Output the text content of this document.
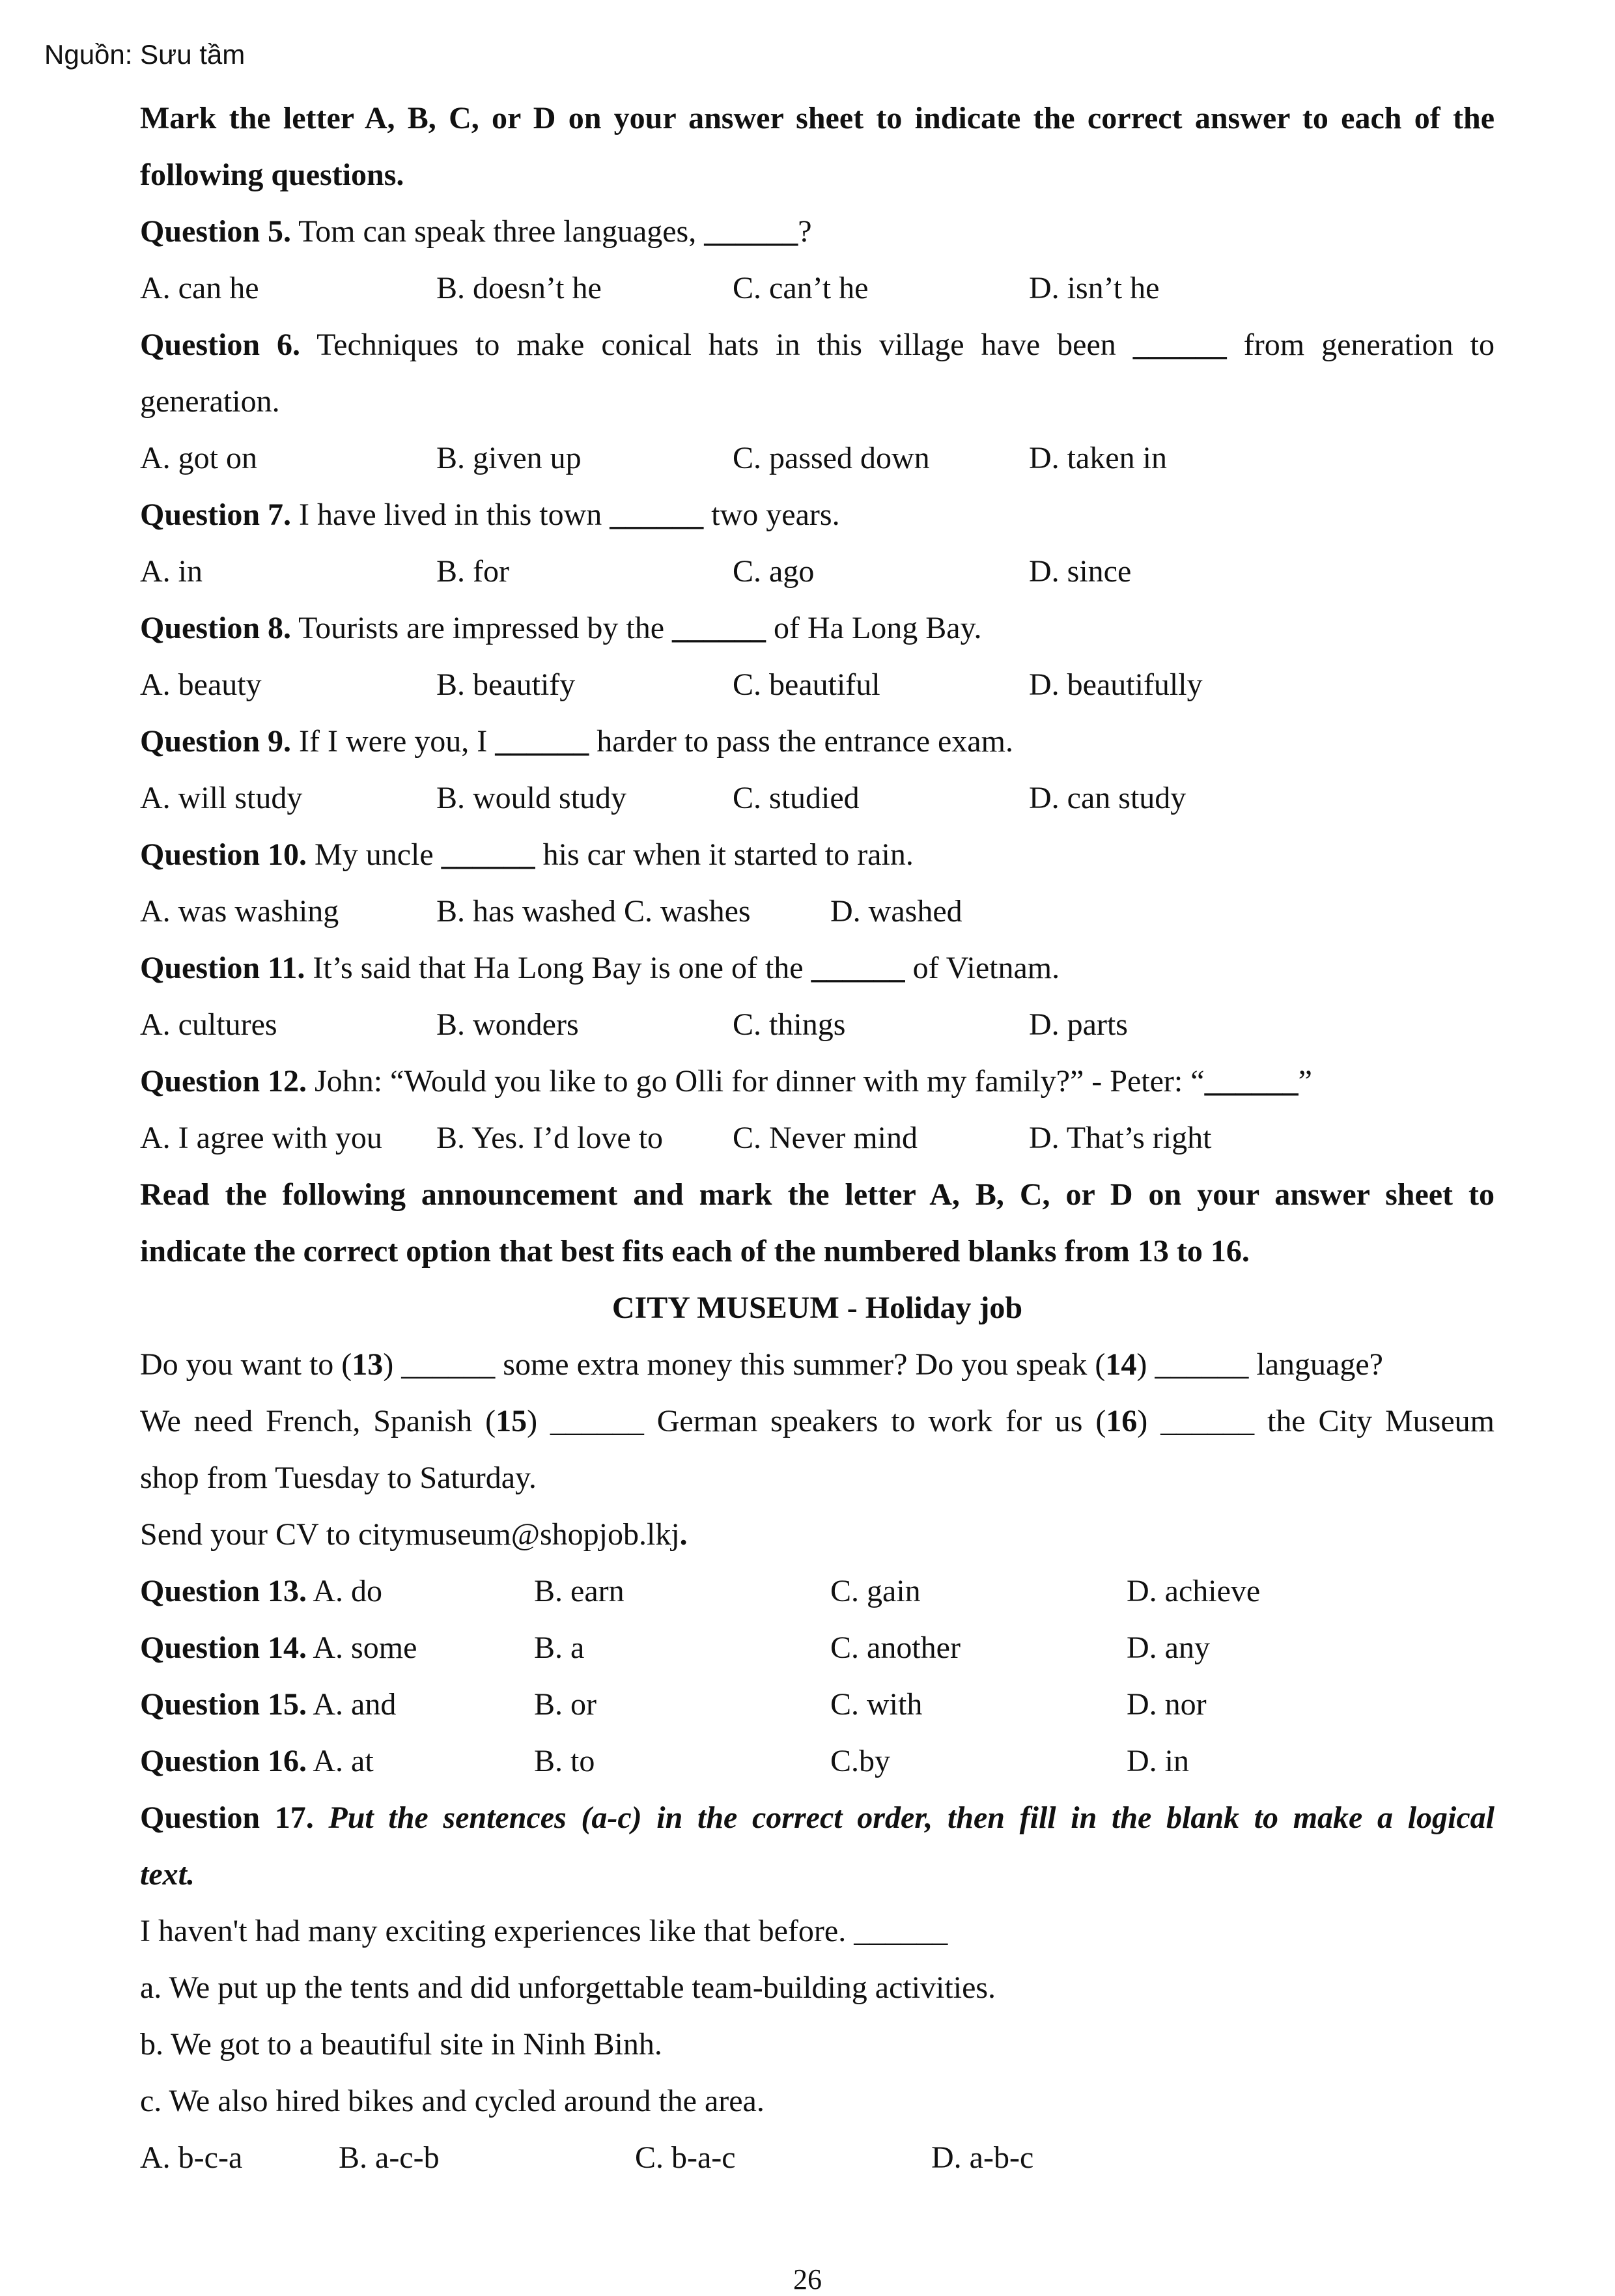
Nguồn: Sưu tầm
Mark the letter A, B, C, or D on your answer sheet to indicate the correct answer to each of the
following questions.
Question 5. Tom can speak three languages, ______?
A. can he	B. doesn’t he	C. can’t he	D. isn’t he
Question 6. Techniques to make conical hats in this village have been ______ from generation to
generation.
A. got on	B. given up	C. passed down	D. taken in
Question 7. I have lived in this town ______ two years.
A. in	B. for	C. ago	D. since
Question 8. Tourists are impressed by the ______ of Ha Long Bay.
A. beauty	B. beautify	C. beautiful	D. beautifully
Question 9. If I were you, I ______ harder to pass the entrance exam.
A. will study	B. would study	C. studied	D. can study
Question 10. My uncle ______ his car when it started to rain.
A. was washing	B. has washed C. washes	D. washed
Question 11. It’s said that Ha Long Bay is one of the ______ of Vietnam.
A. cultures	B. wonders	C. things	D. parts
Question 12. John: “Would you like to go Olli for dinner with my family?” - Peter: “______”
A. I agree with you B. Yes. I’d love to C. Never mind	D. That’s right
Read the following announcement and mark the letter A, B, C, or D on your answer sheet to
indicate the correct option that best fits each of the numbered blanks from 13 to 16.
CITY MUSEUM - Holiday job
Do you want to (13) ______ some extra money this summer? Do you speak (14) ______ language?
We need French, Spanish (15) ______ German speakers to work for us (16) ______ the City Museum
shop from Tuesday to Saturday.
Send your CV to citymuseum@shopjob.lkj.
Question 13. A. do	B. earn	C. gain	D. achieve
Question 14. A. some	B. a	C. another	D. any
Question 15. A. and	B. or	C. with	D. nor
Question 16. A. at	B. to	C.by	D. in
Question 17. Put the sentences (a-c) in the correct order, then fill in the blank to make a logical
text.
I haven't had many exciting experiences like that before. ______
a. We put up the tents and did unforgettable team-building activities.
b. We got to a beautiful site in Ninh Binh.
c. We also hired bikes and cycled around the area.
A. b-c-a	B. a-c-b	C. b-a-c	D. a-b-c
26
